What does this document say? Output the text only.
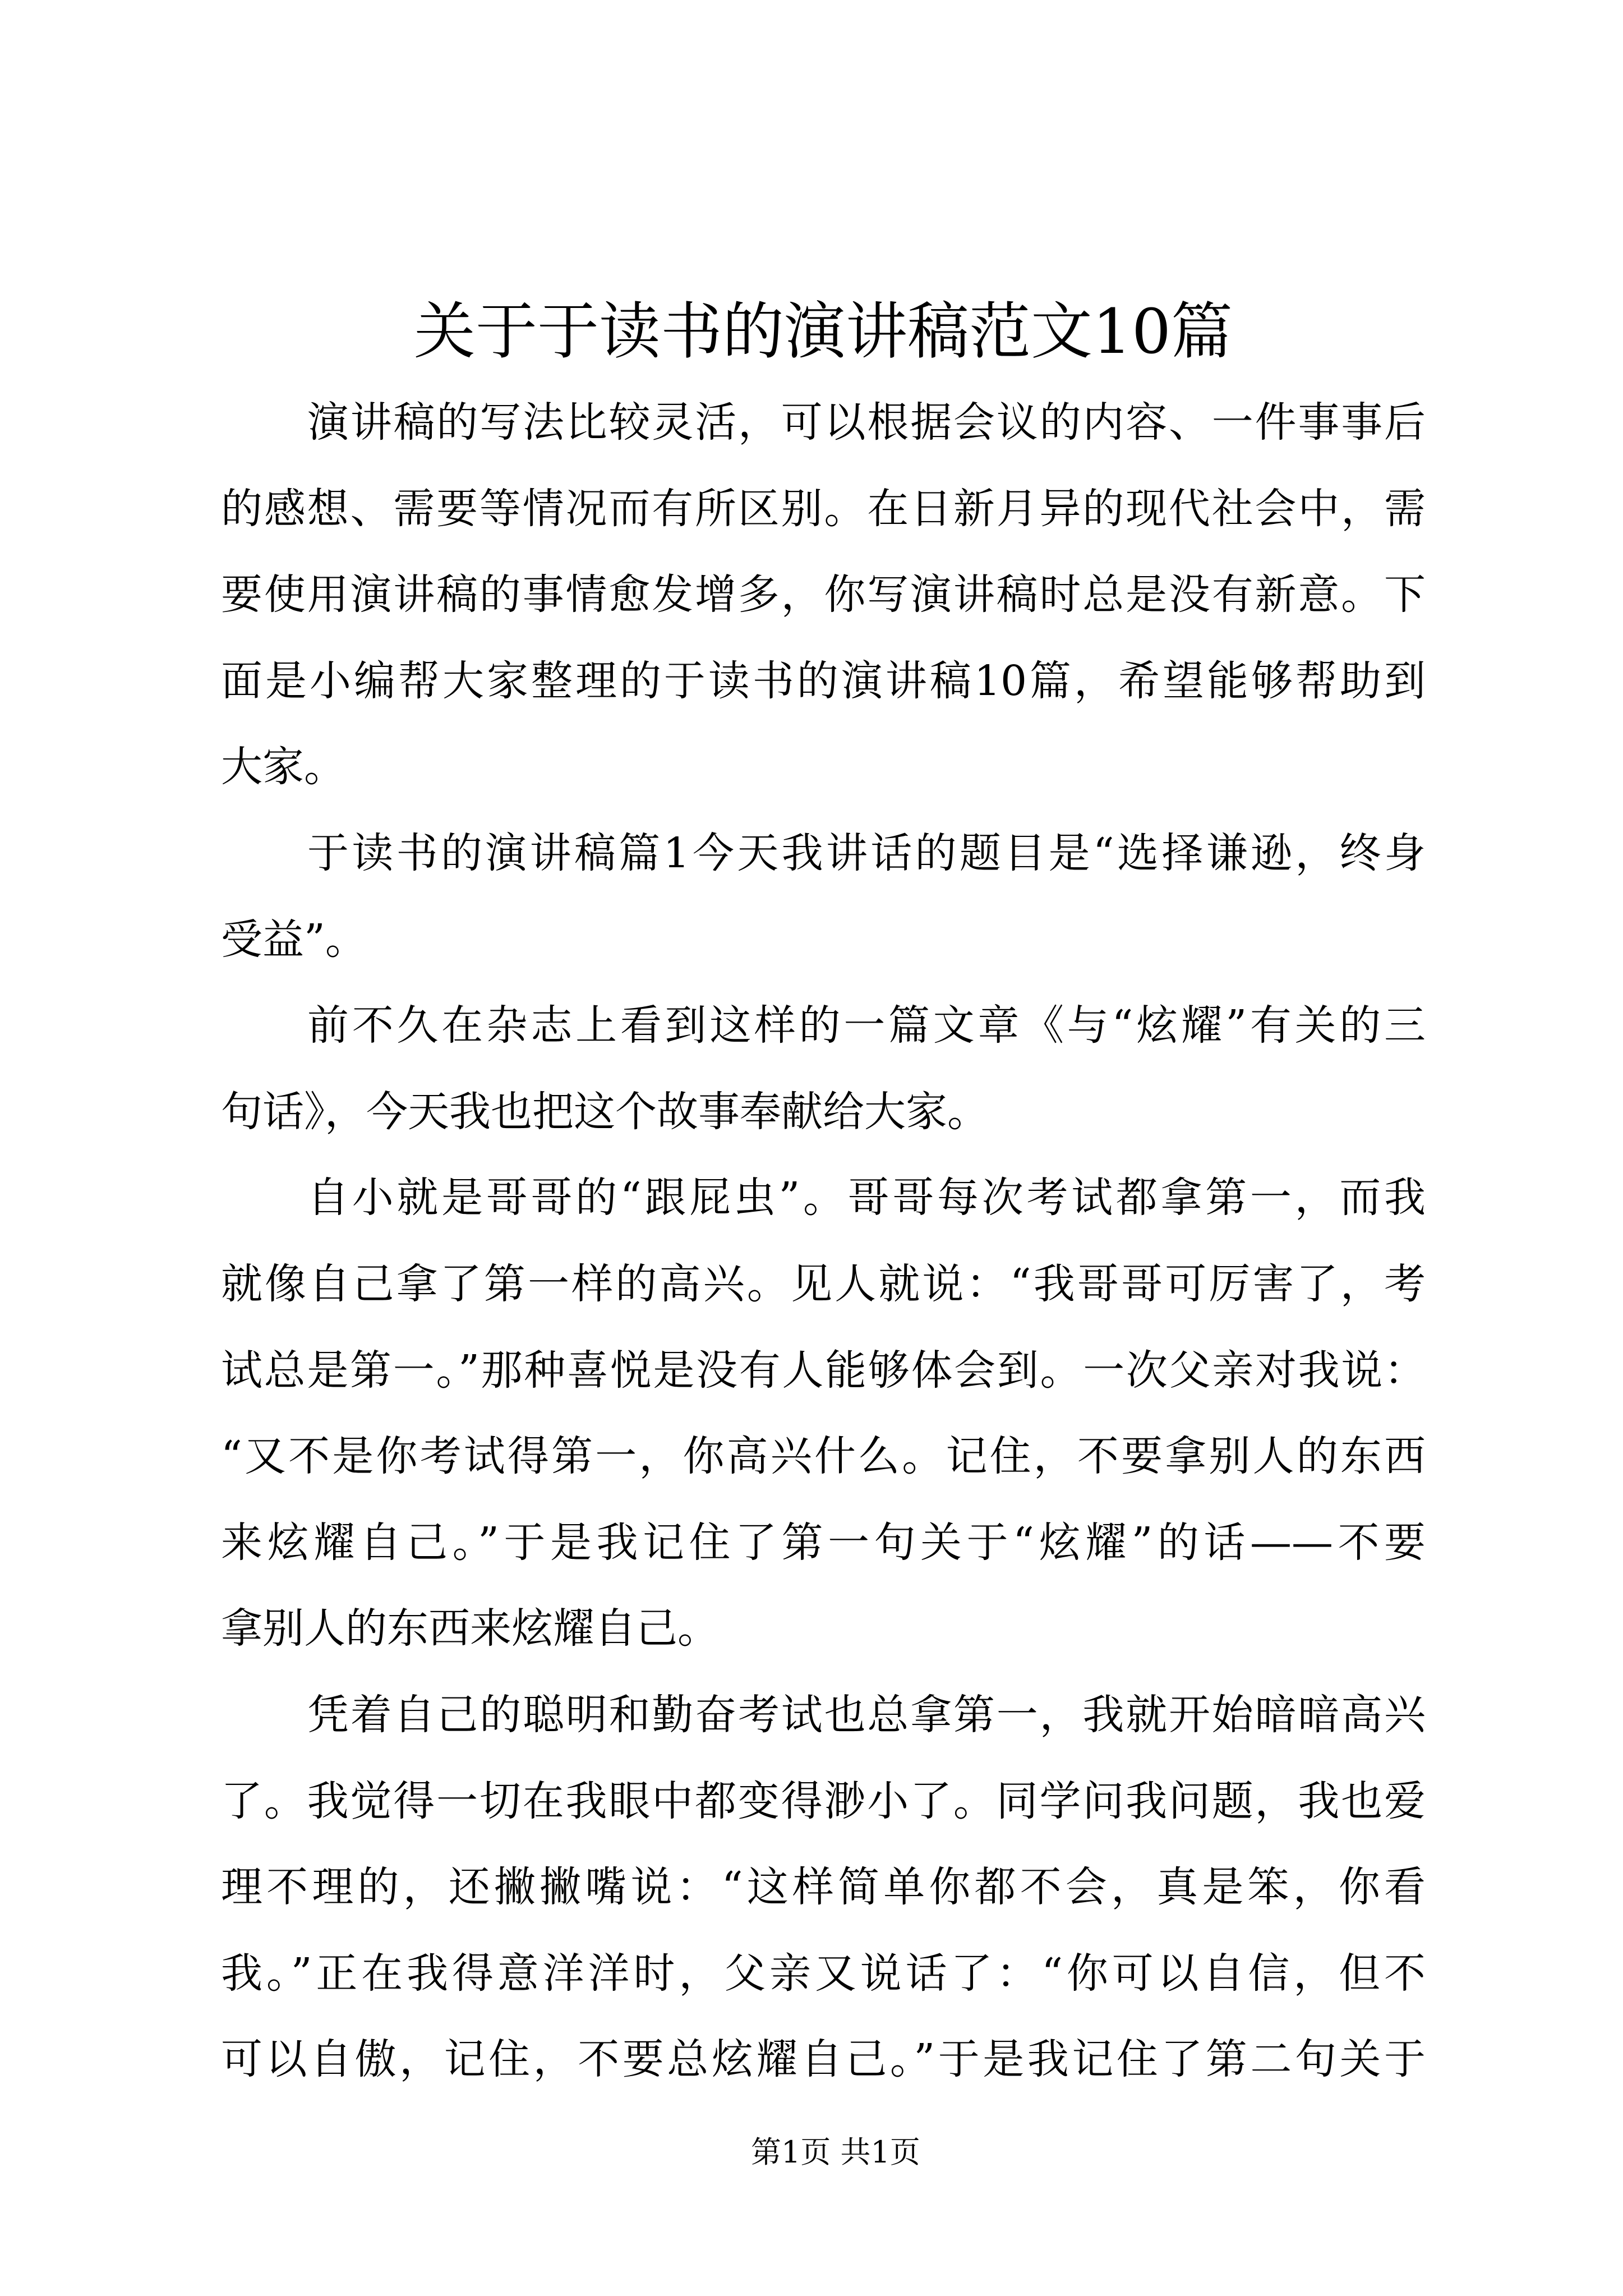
关于于读书的演讲稿范文10篇
演讲稿的写法比较灵活，可以根据会议的内容、一件事事后
的感想、需要等情况而有所区别。在日新月异的现代社会中，需
要使用演讲稿的事情愈发增多，你写演讲稿时总是没有新意。下
面是小编帮大家整理的于读书的演讲稿10篇，希望能够帮助到
大家。
于读书的演讲稿篇1今天我讲话的题目是“选择谦逊，终身
受益”。
前不久在杂志上看到这样的一篇文章《与“炫耀”有关的三
句话》，今天我也把这个故事奉献给大家。
自小就是哥哥的“跟屁虫”。哥哥每次考试都拿第一，而我
就像自己拿了第一样的高兴。见人就说：“我哥哥可厉害了，考
试总是第一。”那种喜悦是没有人能够体会到。一次父亲对我说：
“又不是你考试得第一，你高兴什么。记住，不要拿别人的东西
来炫耀自己。”于是我记住了第一句关于“炫耀”的话——不要
拿别人的东西来炫耀自己。
凭着自己的聪明和勤奋考试也总拿第一，我就开始暗暗高兴
了。我觉得一切在我眼中都变得渺小了。同学问我问题，我也爱
理不理的，还撇撇嘴说：“这样简单你都不会，真是笨，你看
我。”正在我得意洋洋时，父亲又说话了：“你可以自信，但不
可以自傲，记住，不要总炫耀自己。”于是我记住了第二句关于
第1页 共1页
